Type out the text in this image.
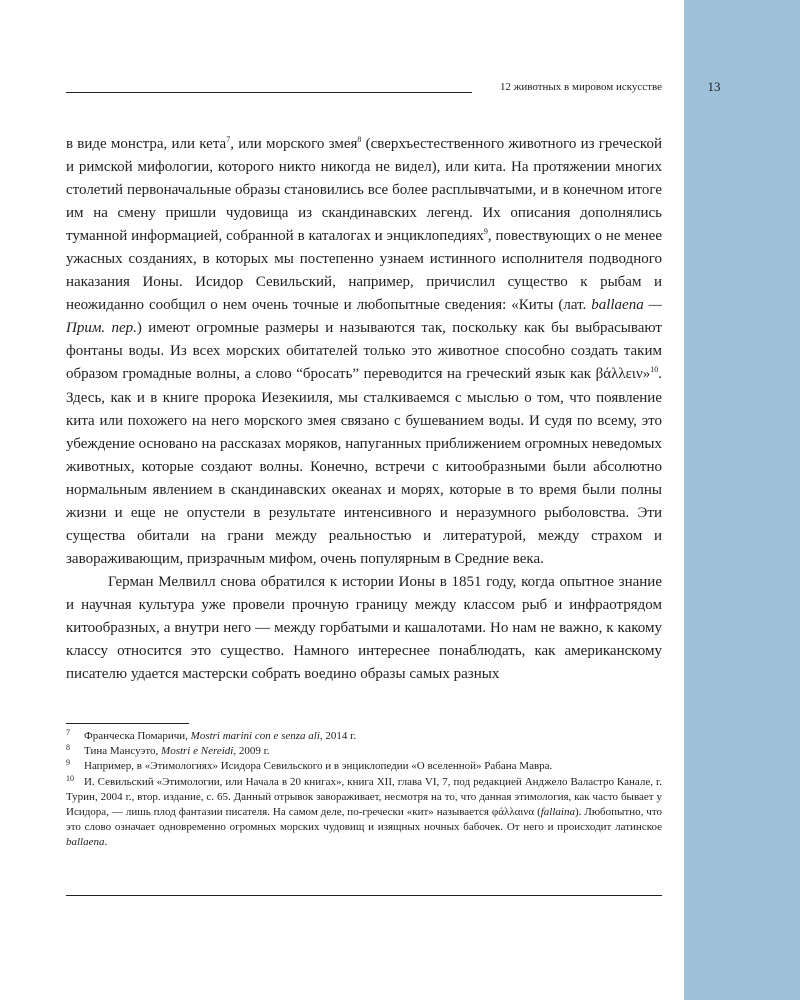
12 животных в мировом искусстве	13

в виде монстра, или кета$^7$, или морского змея$^8$ (сверхъестественного животного из греческой и римской мифологии, которого никто никогда не видел), или кита. На протяжении многих столетий первоначальные образы становились все более расплывчатыми, и в конечном итоге им на смену пришли чудовища из скандинавских легенд. Их описания дополнялись туманной информацией, собранной в каталогах и энциклопедиях$^9$, повествующих о не менее ужасных созданиях, в которых мы постепенно узнаем истинного исполнителя подводного наказания Ионы. Исидор Севильский, например, причислил существо к рыбам и неожиданно сообщил о нем очень точные и любопытные сведения: «Киты (лат. ballaena — Прим. пер.) имеют огромные размеры и называются так, поскольку как бы выбрасывают фонтаны воды. Из всех морских обитателей только это животное способно создать таким образом громадные волны, а слово “бросать” переводится на греческий язык как βάλλειν»$^{10}$. Здесь, как и в книге пророка Иезекииля, мы сталкиваемся с мыслью о том, что появление кита или похожего на него морского змея связано с бушеванием воды. И судя по всему, это убеждение основано на рассказах моряков, напуганных приближением огромных неведомых животных, которые создают волны. Конечно, встречи с китообразными были абсолютно нормальным явлением в скандинавских океанах и морях, которые в то время были полны жизни и еще не опустели в результате интенсивного и неразумного рыболовства. Эти существа обитали на грани между реальностью и литературой, между страхом и завораживающим, призрачным мифом, очень популярным в Средние века.

Герман Мелвилл снова обратился к истории Ионы в 1851 году, когда опытное знание и научная культура уже провели прочную границу между классом рыб и инфраотрядом китообразных, а внутри него — между горбатыми и кашалотами. Но нам не важно, к какому классу относится это существо. Намного интереснее понаблюдать, как американскому писателю удается мастерски собрать воедино образы самых разных

7 Франческа Помаричи, Mostri marini con e senza ali, 2014 г.

8 Тина Мансуэто, Mostri e Nereidi, 2009 г.

9 Например, в «Этимологиях» Исидора Севильского и в энциклопедии «О вселенной» Рабана Мавра.

10 И. Севильский «Этимологии, или Начала в 20 книгах», книга XII, глава VI, 7, под редакцией Анджело Валастро Канале, г. Турин, 2004 г., втор. издание, с. 65. Данный отрывок завораживает, несмотря на то, что данная этимология, как часто бывает у Исидора, — лишь плод фантазии писателя. На самом деле, по-гречески «кит» называется φάλλαινα (fallaina). Любопытно, что это слово означает одновременно огромных морских чудовищ и изящных ночных бабочек. От него и происходит латинское ballaena.
